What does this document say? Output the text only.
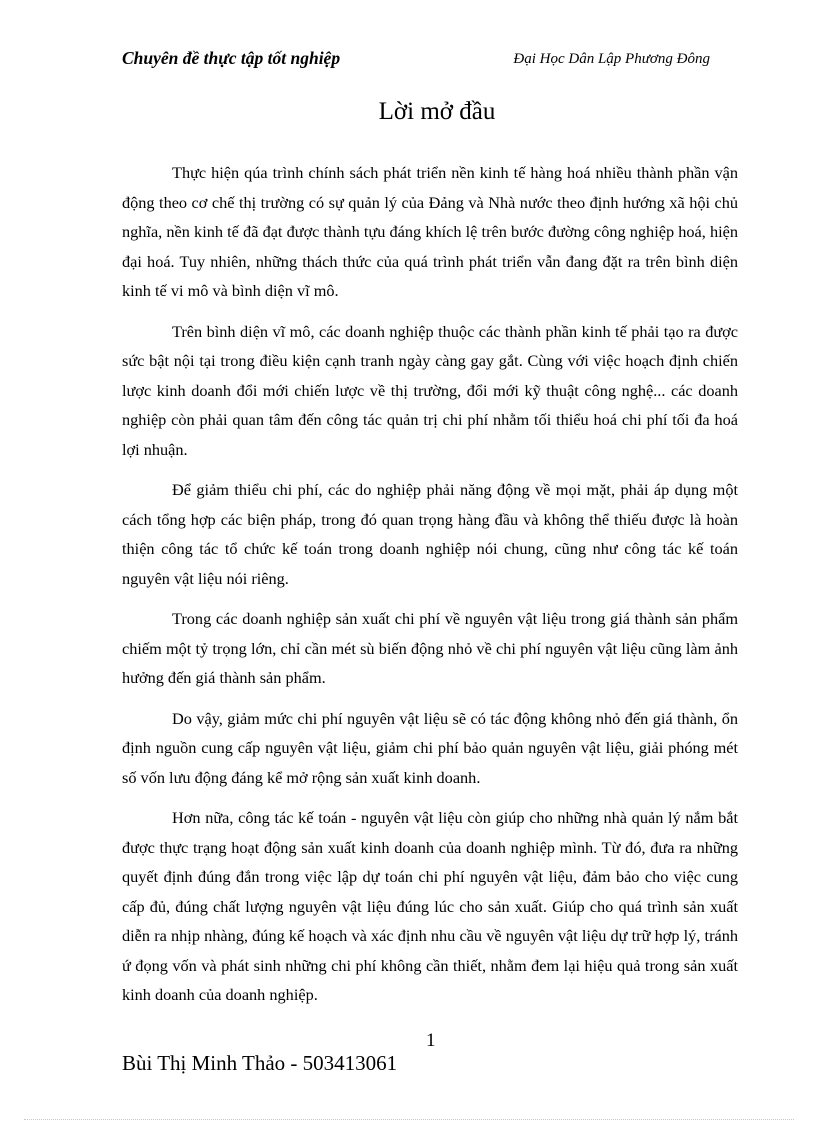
Chuyên đề thực tập tốt nghiệp	Đại Học Dân Lập Phương Đông
Lời mở đầu

Thực hiện qúa trình chính sách phát triển nền kinh tế hàng hoá nhiều thành phần vận động theo cơ chế thị trường có sự quản lý của Đảng và Nhà nước theo định hướng xã hội chủ nghĩa, nền kinh tế đã đạt được thành tựu đáng khích lệ trên bước đường công nghiệp hoá, hiện đại hoá. Tuy nhiên, những thách thức của quá trình phát triển vẫn đang đặt ra trên bình diện kinh tế vi mô và bình diện vĩ mô.

Trên bình diện vĩ mô, các doanh nghiệp thuộc các thành phần kinh tế phải tạo ra được sức bật nội tại trong điều kiện cạnh tranh ngày càng gay gắt. Cùng với việc hoạch định chiến lược kinh doanh đổi mới chiến lược về thị trường, đổi mới kỹ thuật công nghệ... các doanh nghiệp còn phải quan tâm đến công tác quản trị chi phí nhằm tối thiểu hoá chi phí tối đa hoá lợi nhuận.

Để giảm thiểu chi phí, các do nghiệp phải năng động về mọi mặt, phải áp dụng một cách tổng hợp các biện pháp, trong đó quan trọng hàng đầu và không thể thiếu được là hoàn thiện công tác tổ chức kế toán trong doanh nghiệp nói chung, cũng như công tác kế toán nguyên vật liệu nói riêng.

Trong các doanh nghiệp sản xuất chi phí về nguyên vật liệu trong giá thành sản phẩm chiếm một tỷ trọng lớn, chỉ cần mét sù biến động nhỏ về chi phí nguyên vật liệu cũng làm ảnh hưởng đến giá thành sản phẩm.

Do vậy, giảm mức chi phí nguyên vật liệu sẽ có tác động không nhỏ đến giá thành, ổn định nguồn cung cấp nguyên vật liệu, giảm chi phí bảo quản nguyên vật liệu, giải phóng mét số vốn lưu động đáng kể mở rộng sản xuất kinh doanh.

Hơn nữa, công tác kế toán - nguyên vật liệu còn giúp cho những nhà quản lý nắm bắt được thực trạng hoạt động sản xuất kinh doanh của doanh nghiệp mình. Từ đó, đưa ra những quyết định đúng đắn trong việc lập dự toán chi phí nguyên vật liệu, đảm bảo cho việc cung cấp đủ, đúng chất lượng nguyên vật liệu đúng lúc cho sản xuất. Giúp cho quá trình sản xuất diễn ra nhịp nhàng, đúng kế hoạch và xác định nhu cầu về nguyên vật liệu dự trữ hợp lý, tránh ứ đọng vốn và phát sinh những chi phí không cần thiết, nhằm đem lại hiệu quả trong sản xuất kinh doanh của doanh nghiệp.

1
Bùi Thị Minh Thảo - 503413061
